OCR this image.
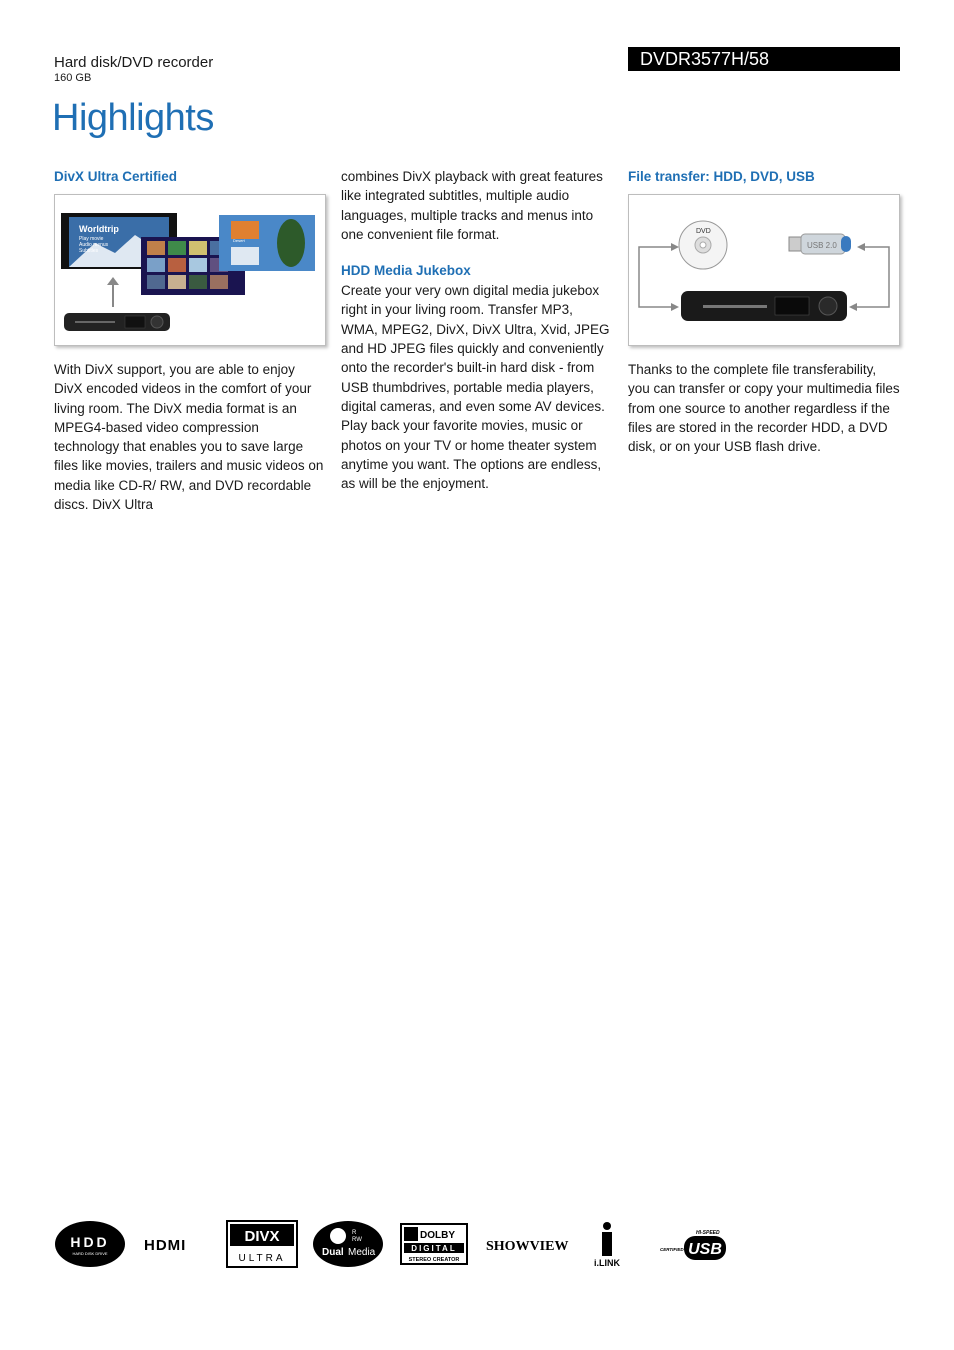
Hard disk/DVD recorder
160 GB
DVDR3577H/58
Highlights
DivX Ultra Certified
Worldtrip
Play movie
Audio menus
Subtitles
Desert

With DivX support, you are able to enjoy DivX encoded videos in the comfort of your living room. The DivX media format is an MPEG4-based video compression technology that enables you to save large files like movies, trailers and music videos on media like CD-R/ RW, and DVD recordable discs. DivX Ultra

combines DivX playback with great features like integrated subtitles, multiple audio languages, multiple tracks and menus into one convenient file format.

HDD Media Jukebox

Create your very own digital media jukebox right in your living room. Transfer MP3, WMA, MPEG2, DivX, DivX Ultra, Xvid, JPEG and HD JPEG files quickly and conveniently onto the recorder's built-in hard disk - from USB thumbdrives, portable media players, digital cameras, and even some AV devices. Play back your favorite movies, music or photos on your TV or home theater system anytime you want. The options are endless, as will be the enjoyment.

File transfer: HDD, DVD, USB
DVD
USB 2.0

Thanks to the complete file transferability, you can transfer or copy your multimedia files from one source to another regardless if the files are stored in the recorder HDD, a DVD disk, or on your USB flash drive.

HDD
HARD DISK DRIVE HDMI
DIVX
ULTRA
R
RW
Dual Media
DOLBY
DIGITAL
STEREO CREATOR
SHOWVIEW
i.LINK
HI-SPEED
CERTIFIED USB
